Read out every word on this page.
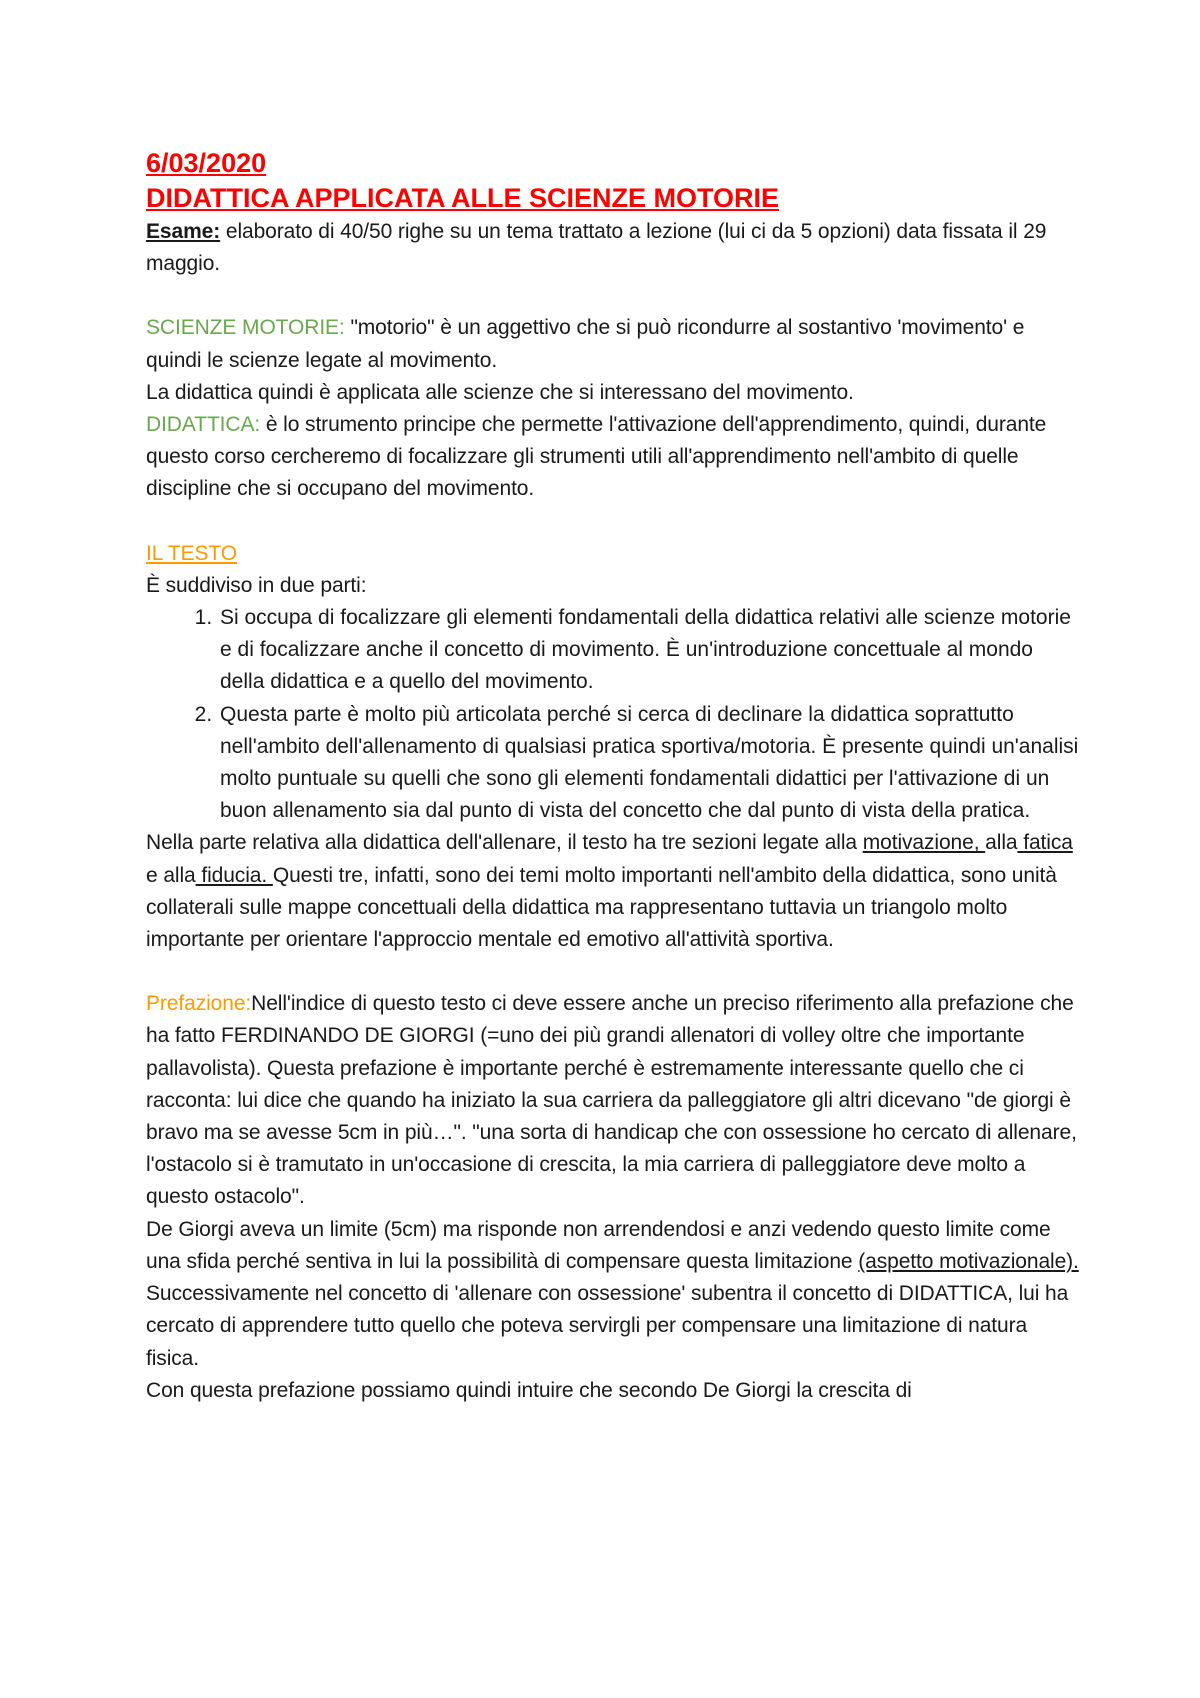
6/03/2020

DIDATTICA APPLICATA ALLE SCIENZE MOTORIE

Esame: elaborato di 40/50 righe su un tema trattato a lezione (lui ci da 5 opzioni) data fissata il 29 maggio.

SCIENZE MOTORIE: "motorio" è un aggettivo che si può ricondurre al sostantivo 'movimento' e quindi le scienze legate al movimento.

La didattica quindi è applicata alle scienze che si interessano del movimento.

DIDATTICA: è lo strumento principe che permette l'attivazione dell'apprendimento, quindi, durante questo corso cercheremo di focalizzare gli strumenti utili all'apprendimento nell'ambito di quelle discipline che si occupano del movimento.

IL TESTO

È suddiviso in due parti:

1. Si occupa di focalizzare gli elementi fondamentali della didattica relativi alle scienze motorie e di focalizzare anche il concetto di movimento. È un'introduzione concettuale al mondo della didattica e a quello del movimento.
2. Questa parte è molto più articolata perché si cerca di declinare la didattica soprattutto nell'ambito dell'allenamento di qualsiasi pratica sportiva/motoria. È presente quindi un'analisi molto puntuale su quelli che sono gli elementi fondamentali didattici per l'attivazione di un buon allenamento sia dal punto di vista del concetto che dal punto di vista della pratica.

Nella parte relativa alla didattica dell'allenare, il testo ha tre sezioni legate alla motivazione, alla fatica e alla fiducia. Questi tre, infatti, sono dei temi molto importanti nell'ambito della didattica, sono unità collaterali sulle mappe concettuali della didattica ma rappresentano tuttavia un triangolo molto importante per orientare l'approccio mentale ed emotivo all'attività sportiva.

Prefazione:Nell'indice di questo testo ci deve essere anche un preciso riferimento alla prefazione che ha fatto FERDINANDO DE GIORGI (=uno dei più grandi allenatori di volley oltre che importante pallavolista). Questa prefazione è importante perché è estremamente interessante quello che ci racconta: lui dice che quando ha iniziato la sua carriera da palleggiatore gli altri dicevano "de giorgi è bravo ma se avesse 5cm in più…". "una sorta di handicap che con ossessione ho cercato di allenare, l'ostacolo si è tramutato in un'occasione di crescita, la mia carriera di palleggiatore deve molto a questo ostacolo".

De Giorgi aveva un limite (5cm) ma risponde non arrendendosi e anzi vedendo questo limite come una sfida perché sentiva in lui la possibilità di compensare questa limitazione (aspetto motivazionale).

Successivamente nel concetto di 'allenare con ossessione' subentra il concetto di DIDATTICA, lui ha cercato di apprendere tutto quello che poteva servirgli per compensare una limitazione di natura fisica.

Con questa prefazione possiamo quindi intuire che secondo De Giorgi la crescita di
